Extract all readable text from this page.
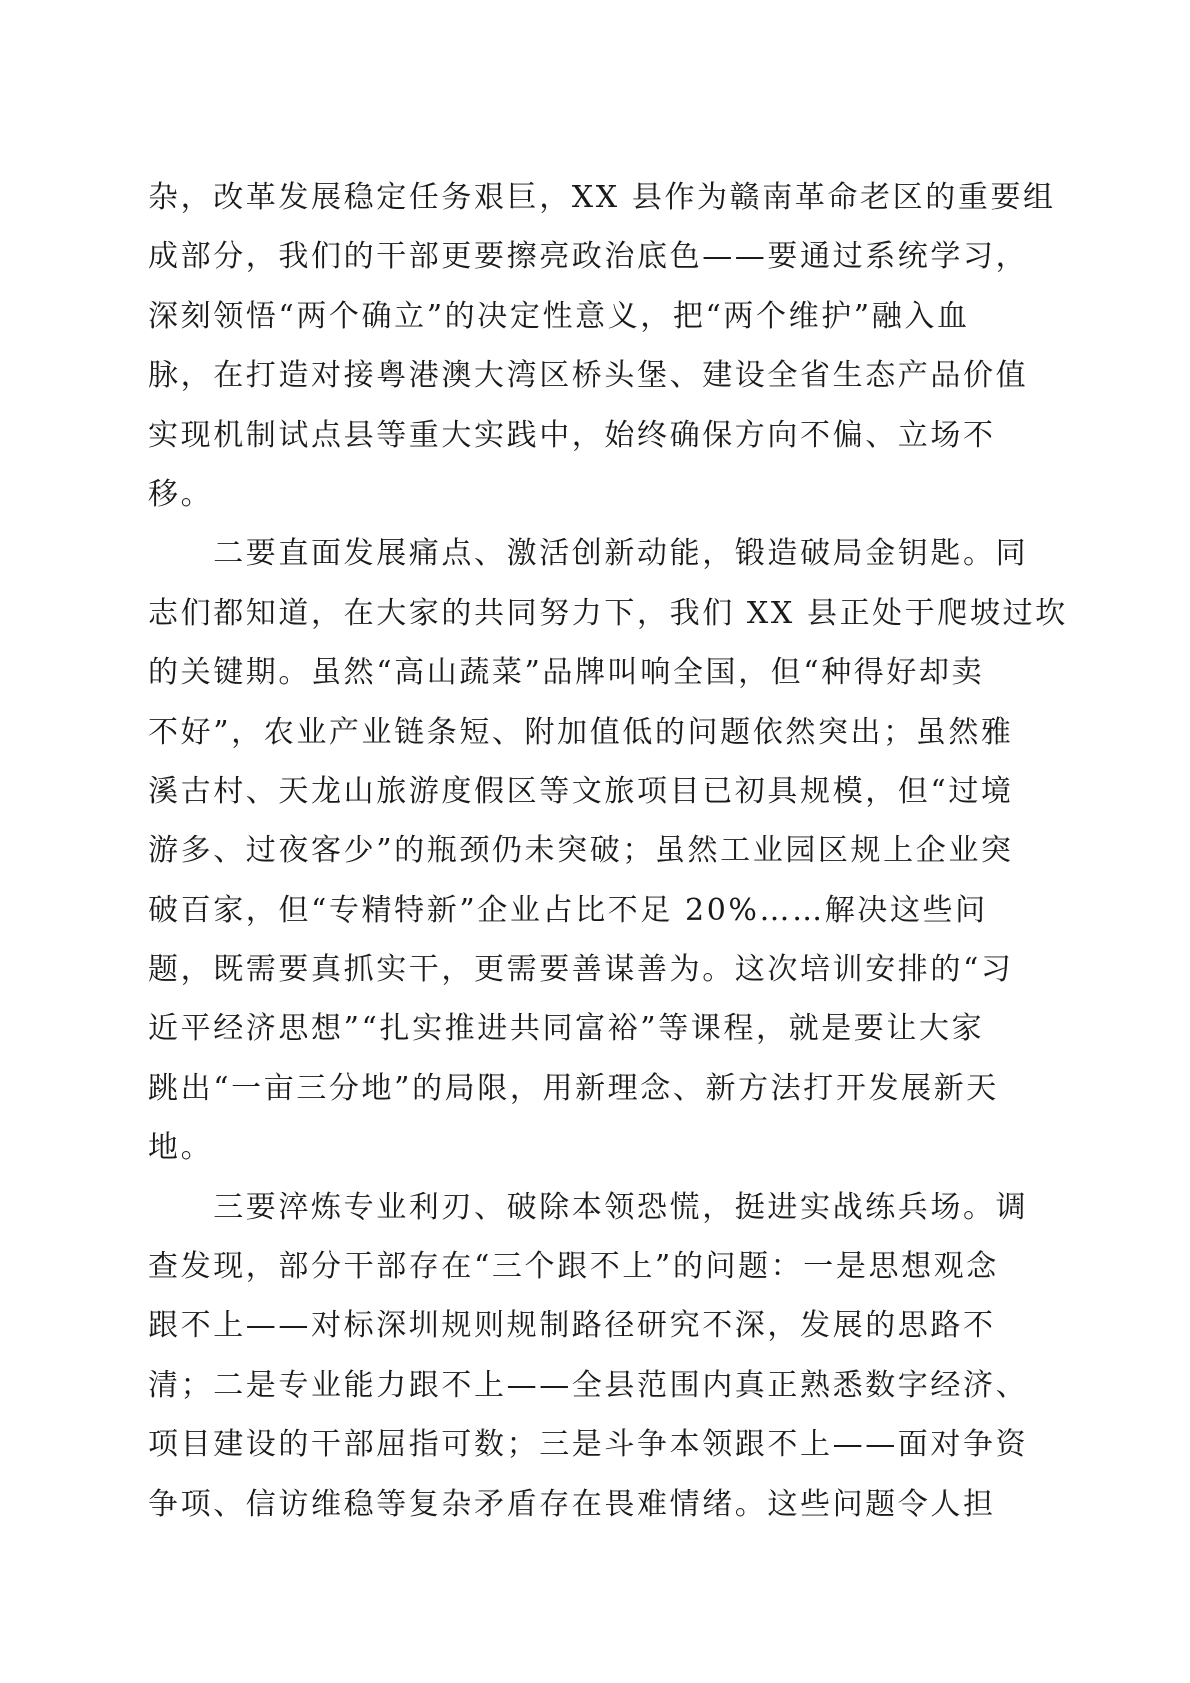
杂，改革发展稳定任务艰巨，XX 县作为赣南革命老区的重要组
成部分，我们的干部更要擦亮政治底色——要通过系统学习，
深刻领悟“两个确立”的决定性意义，把“两个维护”融入血
脉，在打造对接粤港澳大湾区桥头堡、建设全省生态产品价值
实现机制试点县等重大实践中，始终确保方向不偏、立场不
移。
　　二要直面发展痛点、激活创新动能，锻造破局金钥匙。同
志们都知道，在大家的共同努力下，我们 XX 县正处于爬坡过坎
的关键期。虽然“高山蔬菜”品牌叫响全国，但“种得好却卖
不好”，农业产业链条短、附加值低的问题依然突出；虽然雅
溪古村、天龙山旅游度假区等文旅项目已初具规模，但“过境
游多、过夜客少”的瓶颈仍未突破；虽然工业园区规上企业突
破百家，但“专精特新”企业占比不足 20%……解决这些问
题，既需要真抓实干，更需要善谋善为。这次培训安排的“习
近平经济思想”“扎实推进共同富裕”等课程，就是要让大家
跳出“一亩三分地”的局限，用新理念、新方法打开发展新天
地。
　　三要淬炼专业利刃、破除本领恐慌，挺进实战练兵场。调
查发现，部分干部存在“三个跟不上”的问题：一是思想观念
跟不上——对标深圳规则规制路径研究不深，发展的思路不
清；二是专业能力跟不上——全县范围内真正熟悉数字经济、
项目建设的干部屈指可数；三是斗争本领跟不上——面对争资
争项、信访维稳等复杂矛盾存在畏难情绪。这些问题令人担
